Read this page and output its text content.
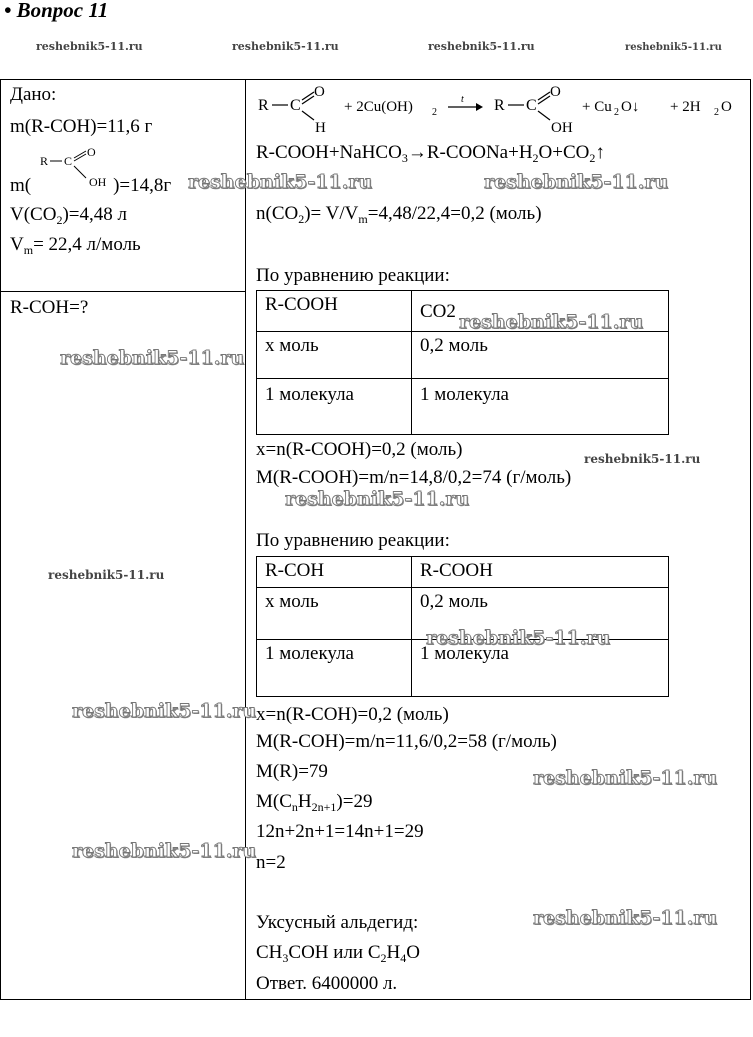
• Вопрос 11
reshebnik5-11.ru	reshebnik5-11.ru	reshebnik5-11.ru	reshebnik5-11.ru
Дано:
m(R-COH)=11,6 г
m(	)=14,8г
R C
O
OH
$V(CO_2)=4,48$ л
$V_m= 22,4$ л/моль
R-COH=?
R C
O
H
+ 2Cu(OH) 2
t R C
O
OH
+ Cu 2 O↓ + 2H 2 O
$R-COOH+NaHCO_3\to R-COONa+H_2O+CO_2↑$
$n(CO_2)= V/V_m=4,48/22,4=0,2$ (моль)
По уравнению реакции:
R-COOH	CO2
х моль	0,2 моль
1 молекула	1 молекула
x=n(R-COOH)=0,2 (моль)
M(R-COOH)=m/n=14,8/0,2=74 (г/моль)
По уравнению реакции:
R-COH	R-COOH
х моль	0,2 моль
1 молекула	1 молекула
x=n(R-COH)=0,2 (моль)
M(R-COH)=m/n=11,6/0,2=58 (г/моль)
M(R)=79
$M(C_nH_{2n+1})=29$
12n+2n+1=14n+1=29
n=2
Уксусный альдегид:
$CH_3COH$ или $C_2H_4O$
Ответ. 6400000 л.
reshebnik5-11.ru	reshebnik5-11.ru
reshebnik5-11.ru
reshebnik5-11.ru
reshebnik5-11.ru
reshebnik5-11.ru
reshebnik5-11.ru
reshebnik5-11.ru
reshebnik5-11.ru
reshebnik5-11.ru
reshebnik5-11.ru
reshebnik5-11.ru
